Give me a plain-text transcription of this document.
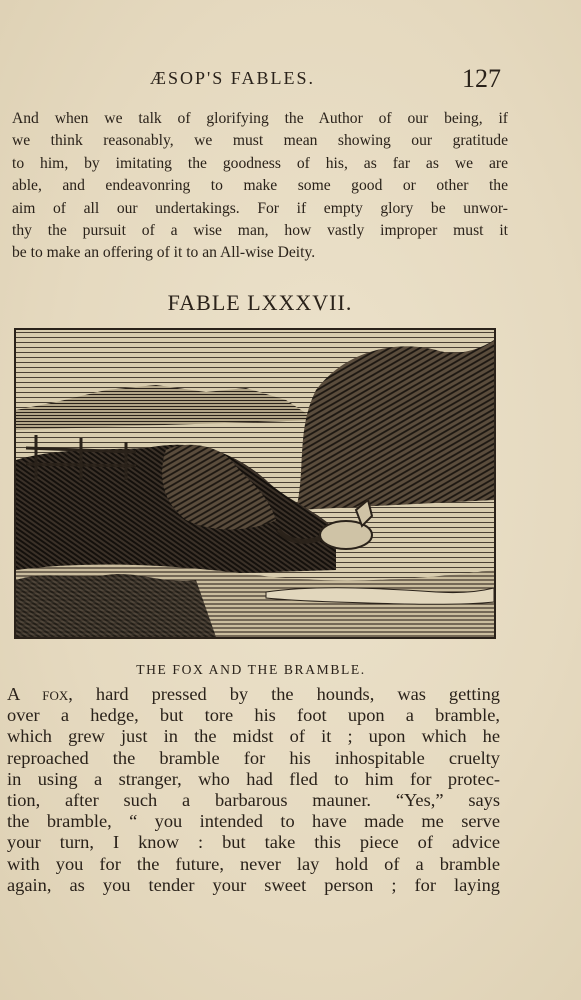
ÆSOP'S FABLES.	127
And when we talk of glorifying the Author of our being, if
we think reasonably, we must mean showing our gratitude
to him, by imitating the goodness of his, as far as we are
able, and endeavonring to make some good or other the
aim of all our undertakings. For if empty glory be unwor-
thy the pursuit of a wise man, how vastly improper must it
be to make an offering of it to an All-wise Deity.
FABLE LXXXVII.
THE FOX AND THE BRAMBLE.
A fox, hard pressed by the hounds, was getting
over a hedge, but tore his foot upon a bramble,
which grew just in the midst of it ; upon which he
reproached the bramble for his inhospitable cruelty
in using a stranger, who had fled to him for protec-
tion, after such a barbarous mauner. “Yes,” says
the bramble, “ you intended to have made me serve
your turn, I know : but take this piece of advice
with you for the future, never lay hold of a bramble
again, as you tender your sweet person ; for laying
